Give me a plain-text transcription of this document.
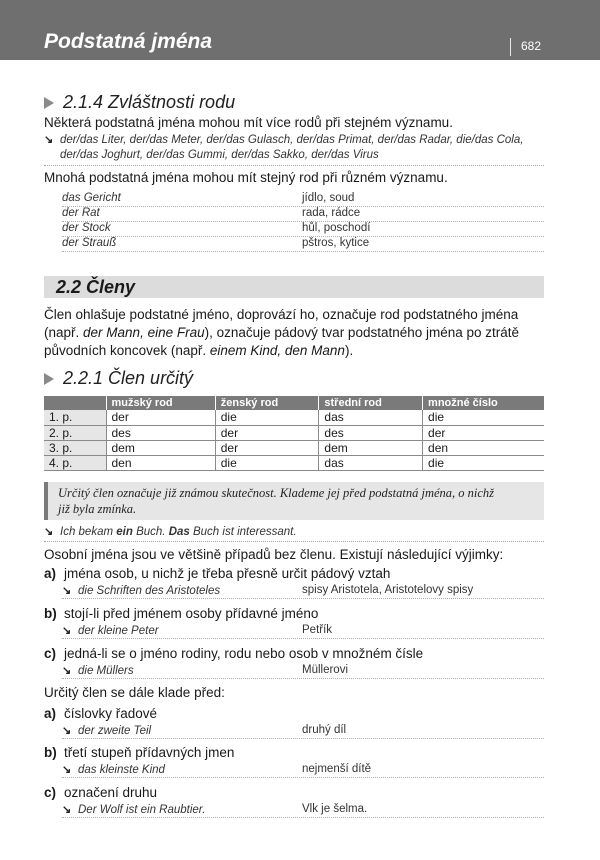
Podstatná jména	682
2.1.4 Zvláštnosti rodu
Některá podstatná jména mohou mít více rodů při stejném významu.
↘ der/das Liter, der/das Meter, der/das Gulasch, der/das Primat, der/das Radar, die/das Cola,
der/das Joghurt, der/das Gummi, der/das Sakko, der/das Virus
Mnohá podstatná jména mohou mít stejný rod při různém významu.
das Gericht	jídlo, soud
der Rat	rada, rádce
der Stock	hůl, poschodí
der Strauß	pštros, kytice
2.2 Členy
Člen ohlašuje podstatné jméno, doprovází ho, označuje rod podstatného jména
(např. der Mann, eine Frau), označuje pádový tvar podstatného jména po ztrátě
původních koncovek (např. einem Kind, den Mann).
2.2.1 Člen určitý
	mužský rod	ženský rod	střední rod	množné číslo
1. p.	der	die	das	die
2. p.	des	der	des	der
3. p.	dem	der	dem	den
4. p.	den	die	das	die
Určitý člen označuje již známou skutečnost. Klademe jej před podstatná jména, o nichž
již byla zmínka.
↘ Ich bekam ein Buch. Das Buch ist interessant.
Osobní jména jsou ve většině případů bez členu. Existují následující výjimky:
a) jména osob, u nichž je třeba přesně určit pádový vztah
↘ die Schriften des Aristoteles	spisy Aristotela, Aristotelovy spisy
b) stojí-li před jménem osoby přídavné jméno
↘ der kleine Peter	Petřík
c) jedná-li se o jméno rodiny, rodu nebo osob v množném čísle
↘ die Müllers	Müllerovi
Určitý člen se dále klade před:
a) číslovky řadové
↘ der zweite Teil	druhý díl
b) třetí stupeň přídavných jmen
↘ das kleinste Kind	nejmenší dítě
c) označení druhu
↘ Der Wolf ist ein Raubtier.	Vlk je šelma.
